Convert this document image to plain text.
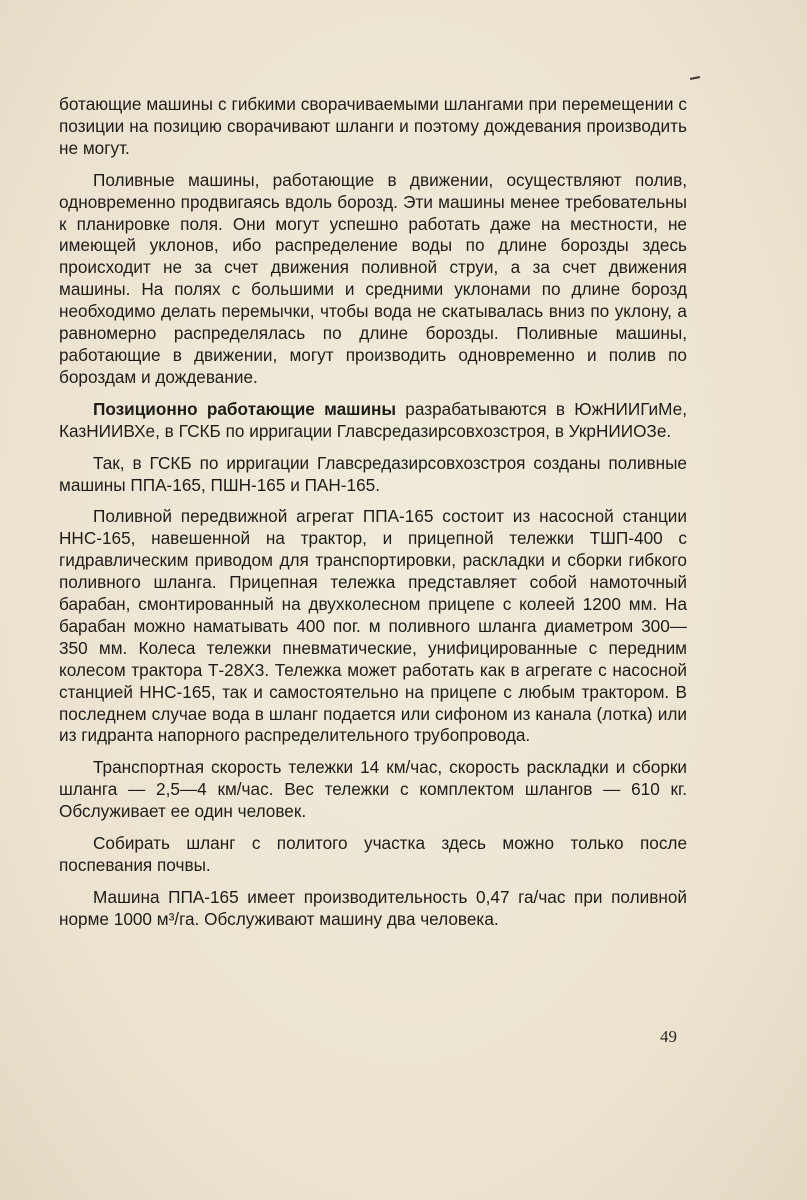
ботающие машины с гибкими сворачиваемыми шлангами при перемещении с позиции на позицию сворачивают шланги и поэтому дождевания производить не могут.

Поливные машины, работающие в движении, осуществляют полив, одновременно продвигаясь вдоль борозд. Эти машины менее требовательны к планировке поля. Они могут успешно работать даже на местности, не имеющей уклонов, ибо распределение воды по длине борозды здесь происходит не за счет движения поливной струи, а за счет движения машины. На полях с большими и средними уклонами по длине борозд необходимо делать перемычки, чтобы вода не скатывалась вниз по уклону, а равномерно распределялась по длине борозды. Поливные машины, работающие в движении, могут производить одновременно и полив по бороздам и дождевание.

Позиционно работающие машины разрабатываются в ЮжНИИГиМе, КазНИИВХе, в ГСКБ по ирригации Главсредазирсовхозстроя, в УкрНИИОЗе.

Так, в ГСКБ по ирригации Главсредазирсовхозстроя созданы поливные машины ППА-165, ПШН-165 и ПАН-165.

Поливной передвижной агрегат ППА-165 состоит из насосной станции ННС-165, навешенной на трактор, и прицепной тележки ТШП-400 с гидравлическим приводом для транспортировки, раскладки и сборки гибкого поливного шланга. Прицепная тележка представляет собой намоточный барабан, смонтированный на двухколесном прицепе с колеей 1200 мм. На барабан можно наматывать 400 пог. м поливного шланга диаметром 300—350 мм. Колеса тележки пневматические, унифицированные с передним колесом трактора Т-28Х3. Тележка может работать как в агрегате с насосной станцией ННС-165, так и самостоятельно на прицепе с любым трактором. В последнем случае вода в шланг подается или сифоном из канала (лотка) или из гидранта напорного распределительного трубопровода.

Транспортная скорость тележки 14 км/час, скорость раскладки и сборки шланга — 2,5—4 км/час. Вес тележки с комплектом шлангов — 610 кг. Обслуживает ее один человек.

Собирать шланг с политого участка здесь можно только после поспевания почвы.

Машина ППА-165 имеет производительность 0,47 га/час при поливной норме 1000 м³/га. Обслуживают машину два человека.

49
